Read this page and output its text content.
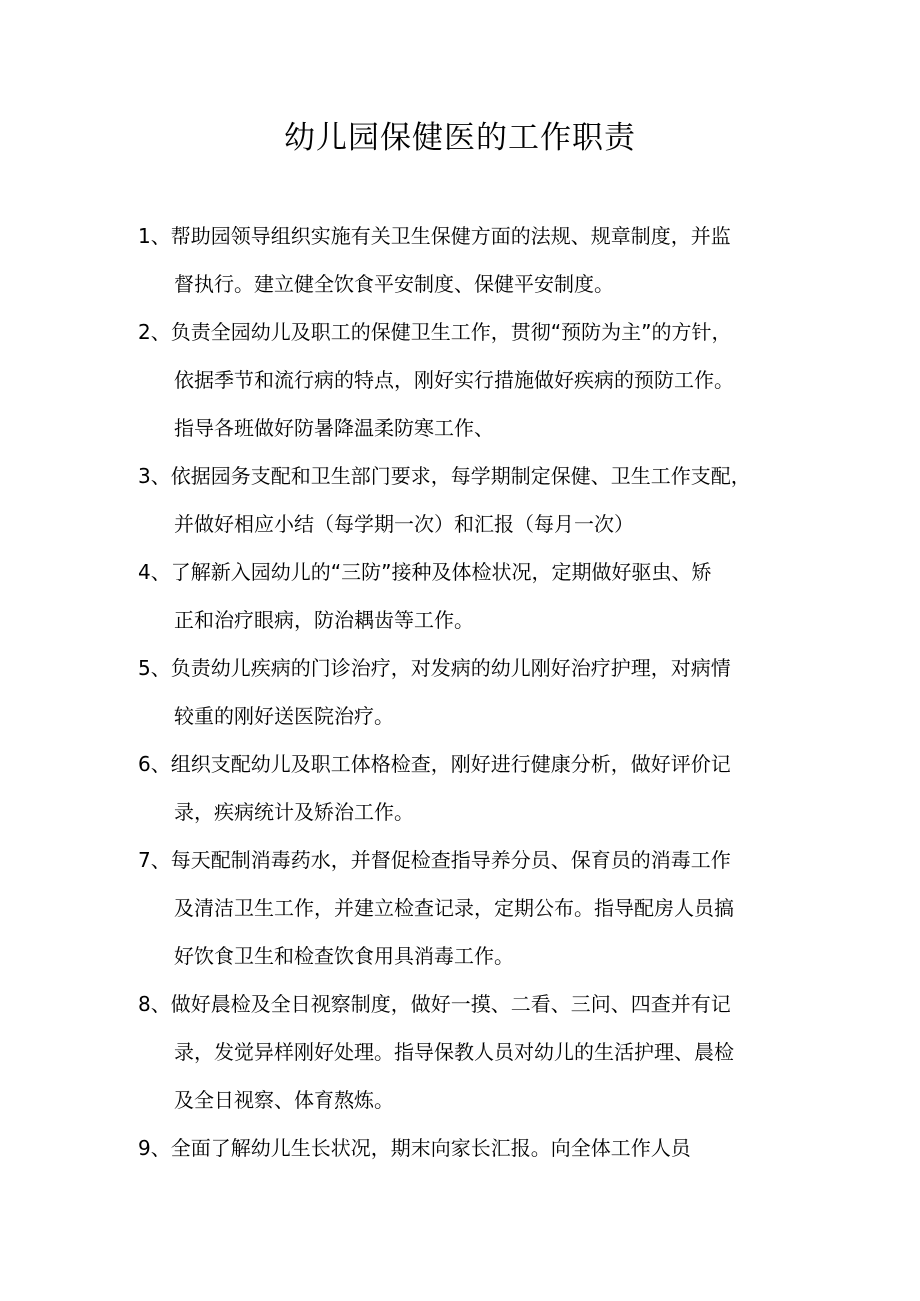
幼儿园保健医的工作职责
1、帮助园领导组织实施有关卫生保健方面的法规、规章制度，并监
督执行。建立健全饮食平安制度、保健平安制度。
2、负责全园幼儿及职工的保健卫生工作，贯彻“预防为主”的方针，
依据季节和流行病的特点，刚好实行措施做好疾病的预防工作。
指导各班做好防暑降温柔防寒工作、
3、依据园务支配和卫生部门要求，每学期制定保健、卫生工作支配，
并做好相应小结（每学期一次）和汇报（每月一次）
4、了解新入园幼儿的“三防”接种及体检状况，定期做好驱虫、矫
正和治疗眼病，防治耦齿等工作。
5、负责幼儿疾病的门诊治疗，对发病的幼儿刚好治疗护理，对病情
较重的刚好送医院治疗。
6、组织支配幼儿及职工体格检查，刚好进行健康分析，做好评价记
录，疾病统计及矫治工作。
7、每天配制消毒药水，并督促检查指导养分员、保育员的消毒工作
及清洁卫生工作，并建立检查记录，定期公布。指导配房人员搞
好饮食卫生和检查饮食用具消毒工作。
8、做好晨检及全日视察制度，做好一摸、二看、三问、四查并有记
录，发觉异样刚好处理。指导保教人员对幼儿的生活护理、晨检
及全日视察、体育熬炼。
9、全面了解幼儿生长状况，期末向家长汇报。向全体工作人员
